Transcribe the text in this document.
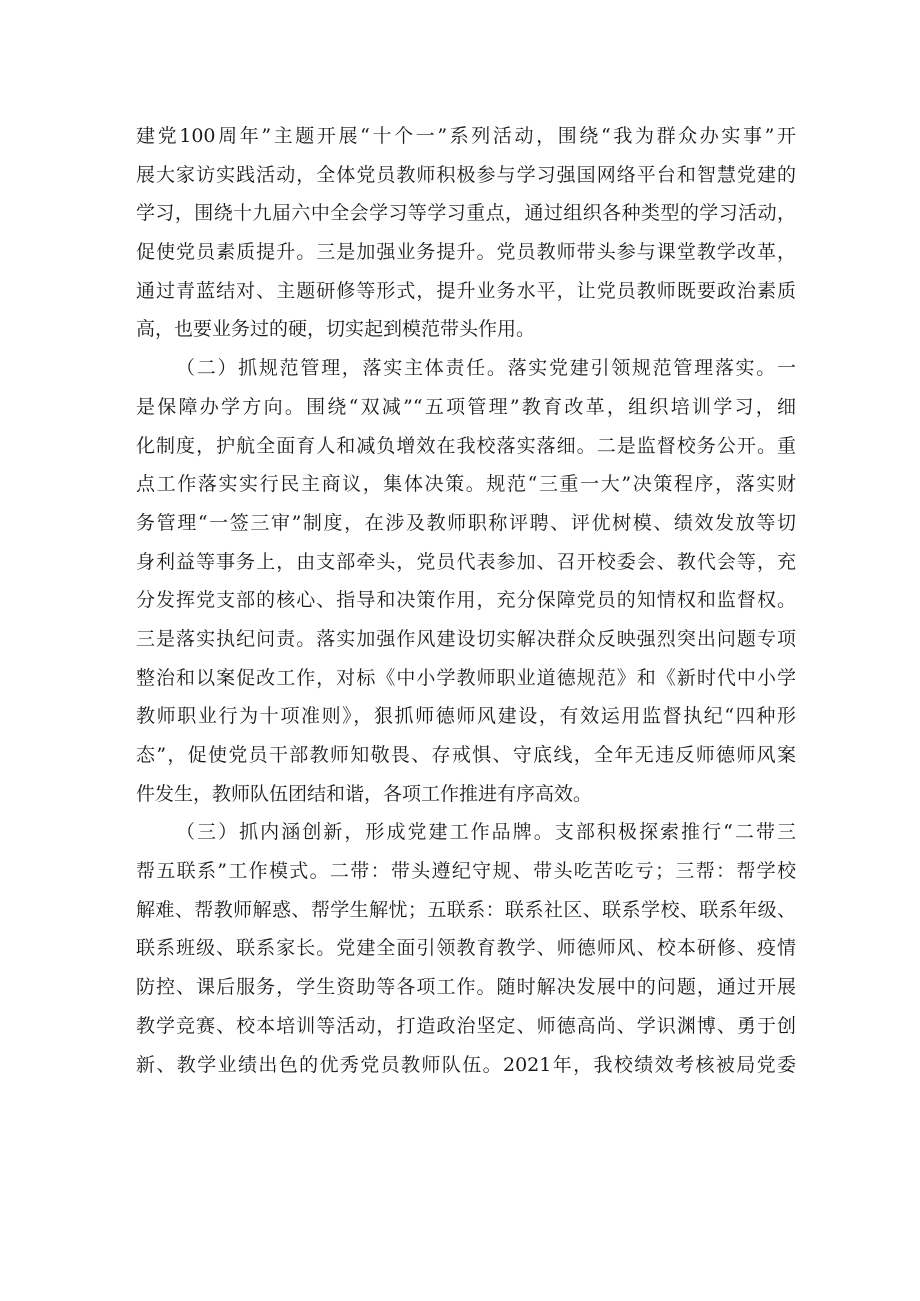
建党100周年”主题开展“十个一”系列活动，围绕“我为群众办实事”开
展大家访实践活动，全体党员教师积极参与学习强国网络平台和智慧党建的
学习，围绕十九届六中全会学习等学习重点，通过组织各种类型的学习活动，
促使党员素质提升。三是加强业务提升。党员教师带头参与课堂教学改革，
通过青蓝结对、主题研修等形式，提升业务水平，让党员教师既要政治素质
高，也要业务过的硬，切实起到模范带头作用。
（二）抓规范管理，落实主体责任。落实党建引领规范管理落实。一
是保障办学方向。围绕“双减”“五项管理”教育改革，组织培训学习，细
化制度，护航全面育人和减负增效在我校落实落细。二是监督校务公开。重
点工作落实实行民主商议，集体决策。规范“三重一大”决策程序，落实财
务管理“一签三审”制度，在涉及教师职称评聘、评优树模、绩效发放等切
身利益等事务上，由支部牵头，党员代表参加、召开校委会、教代会等，充
分发挥党支部的核心、指导和决策作用，充分保障党员的知情权和监督权。
三是落实执纪问责。落实加强作风建设切实解决群众反映强烈突出问题专项
整治和以案促改工作，对标《中小学教师职业道德规范》和《新时代中小学
教师职业行为十项准则》，狠抓师德师风建设，有效运用监督执纪“四种形
态”，促使党员干部教师知敬畏、存戒惧、守底线，全年无违反师德师风案
件发生，教师队伍团结和谐，各项工作推进有序高效。
（三）抓内涵创新，形成党建工作品牌。支部积极探索推行“二带三
帮五联系”工作模式。二带：带头遵纪守规、带头吃苦吃亏；三帮：帮学校
解难、帮教师解惑、帮学生解忧；五联系：联系社区、联系学校、联系年级、
联系班级、联系家长。党建全面引领教育教学、师德师风、校本研修、疫情
防控、课后服务，学生资助等各项工作。随时解决发展中的问题，通过开展
教学竞赛、校本培训等活动，打造政治坚定、师德高尚、学识渊博、勇于创
新、教学业绩出色的优秀党员教师队伍。2021年，我校绩效考核被局党委
